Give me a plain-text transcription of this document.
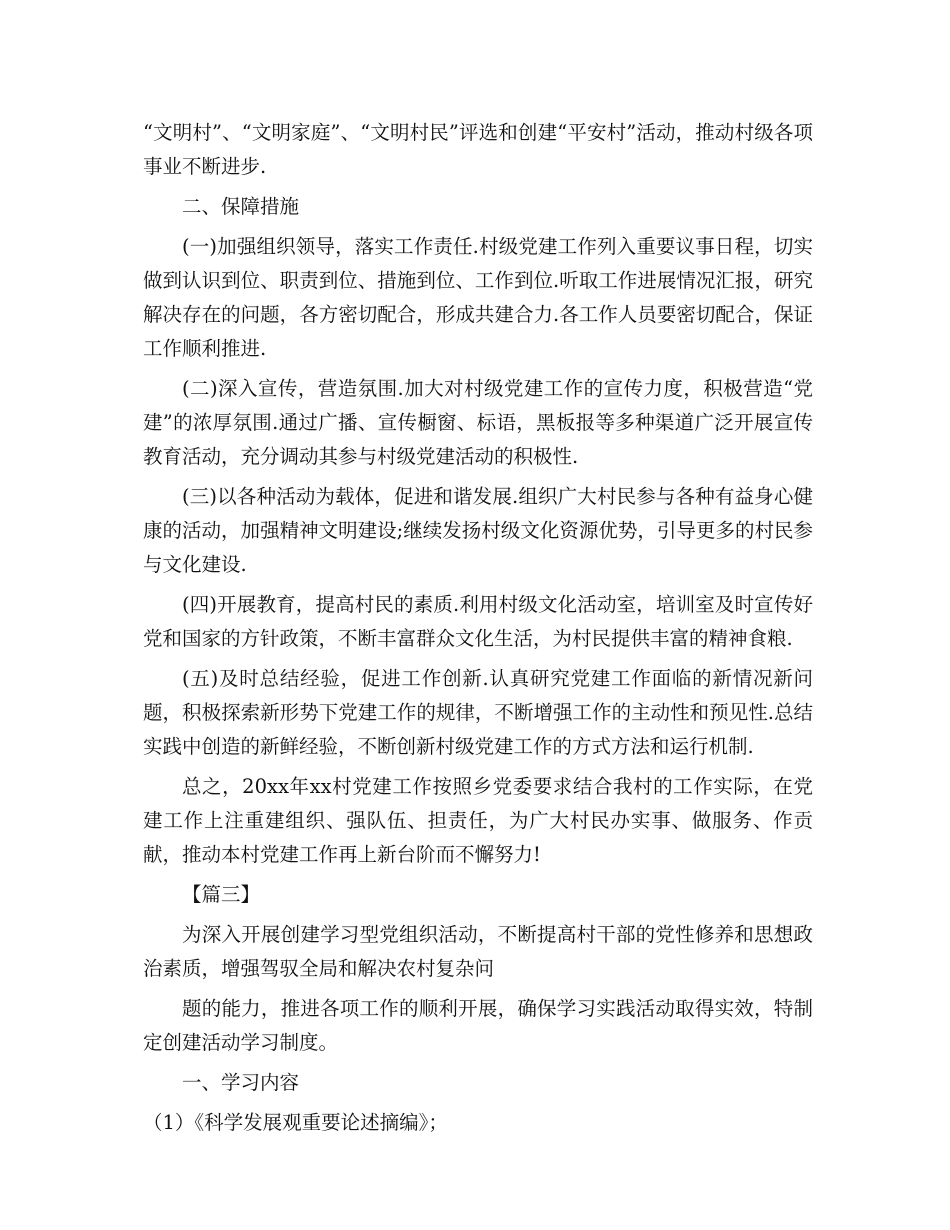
“文明村”、“文明家庭”、“文明村民”评选和创建“平安村”活动，推动村级各项事业不断进步.

二、保障措施

(一)加强组织领导，落实工作责任.村级党建工作列入重要议事日程，切实做到认识到位、职责到位、措施到位、工作到位.听取工作进展情况汇报，研究解决存在的问题，各方密切配合，形成共建合力.各工作人员要密切配合，保证工作顺利推进.

(二)深入宣传，营造氛围.加大对村级党建工作的宣传力度，积极营造“党建”的浓厚氛围.通过广播、宣传橱窗、标语，黑板报等多种渠道广泛开展宣传教育活动，充分调动其参与村级党建活动的积极性.

(三)以各种活动为载体，促进和谐发展.组织广大村民参与各种有益身心健康的活动，加强精神文明建设;继续发扬村级文化资源优势，引导更多的村民参与文化建设.

(四)开展教育，提高村民的素质.利用村级文化活动室，培训室及时宣传好党和国家的方针政策，不断丰富群众文化生活，为村民提供丰富的精神食粮.

(五)及时总结经验，促进工作创新.认真研究党建工作面临的新情况新问题，积极探索新形势下党建工作的规律，不断增强工作的主动性和预见性.总结实践中创造的新鲜经验，不断创新村级党建工作的方式方法和运行机制.

总之，20xx年xx村党建工作按照乡党委要求结合我村的工作实际，在党建工作上注重建组织、强队伍、担责任，为广大村民办实事、做服务、作贡献，推动本村党建工作再上新台阶而不懈努力!

【篇三】

为深入开展创建学习型党组织活动，不断提高村干部的党性修养和思想政治素质，增强驾驭全局和解决农村复杂问

题的能力，推进各项工作的顺利开展，确保学习实践活动取得实效，特制定创建活动学习制度。

一、学习内容

（1）《科学发展观重要论述摘编》；
